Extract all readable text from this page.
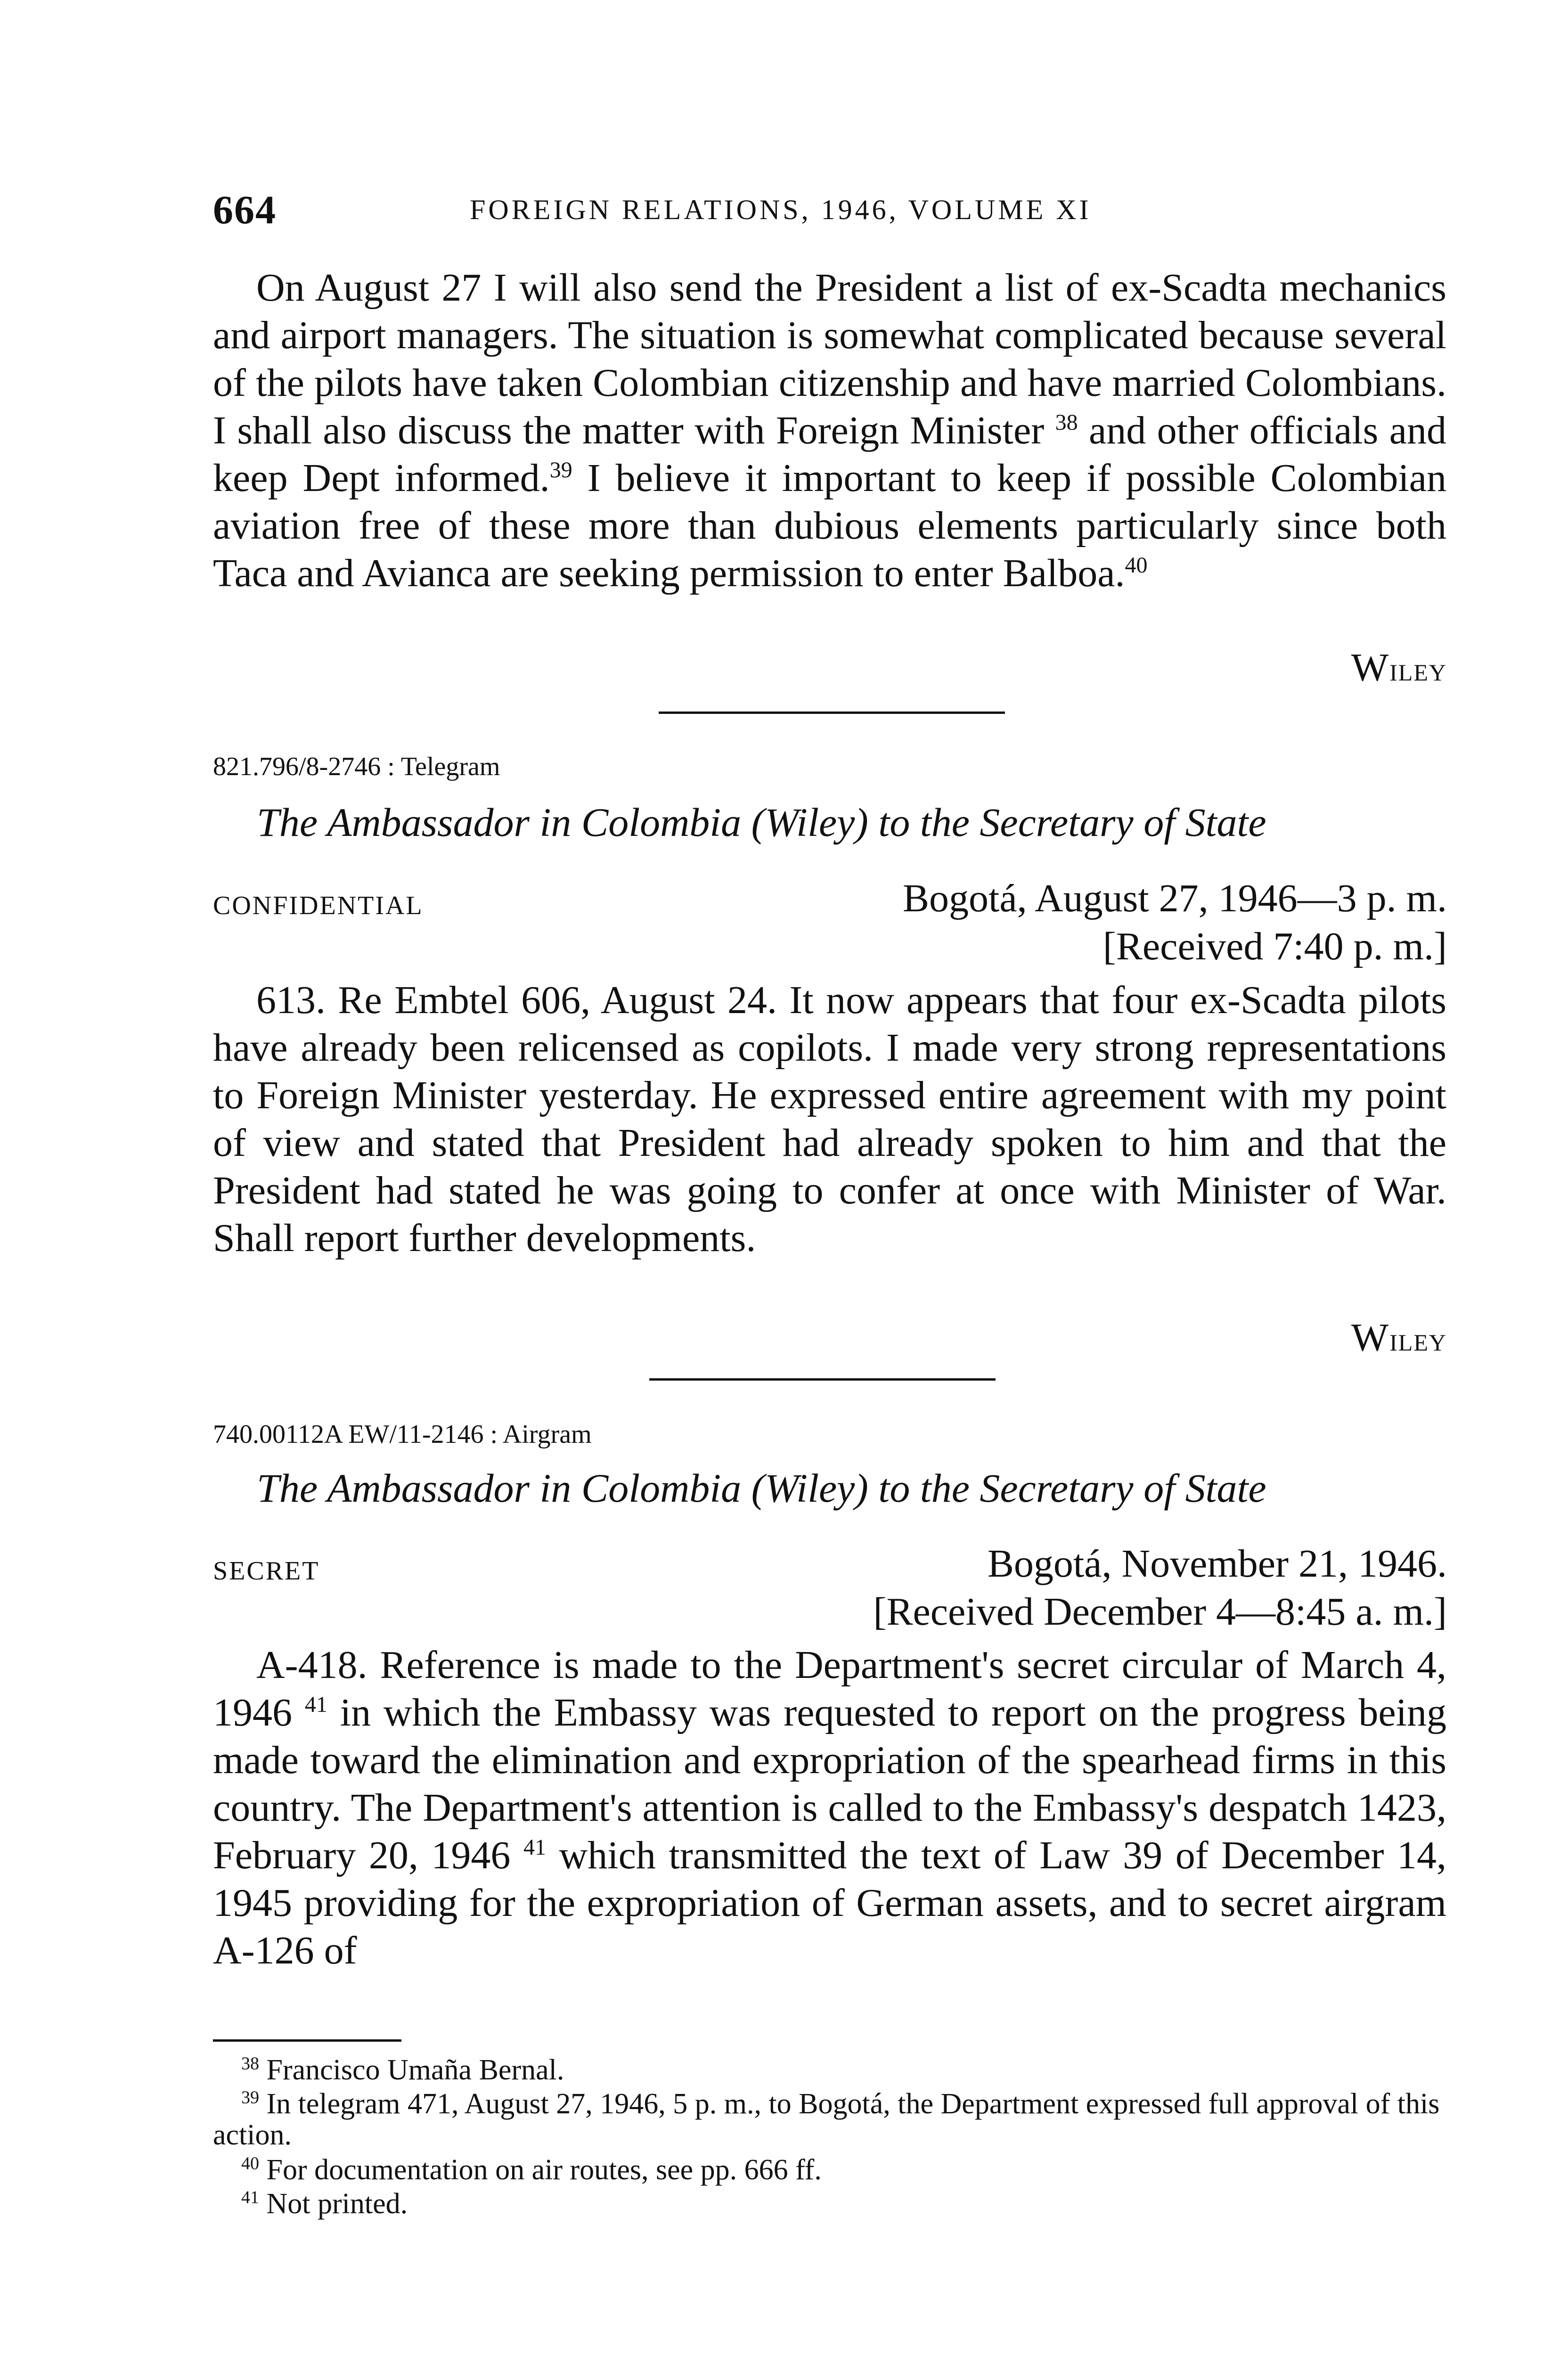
664	FOREIGN RELATIONS, 1946, VOLUME XI

On August 27 I will also send the President a list of ex-Scadta mechanics and airport managers. The situation is somewhat complicated because several of the pilots have taken Colombian citizenship and have married Colombians. I shall also discuss the matter with Foreign Minister $^{38}$ and other officials and keep Dept informed.$^{39}$ I believe it important to keep if possible Colombian aviation free of these more than dubious elements particularly since both Taca and Avianca are seeking permission to enter Balboa.$^{40}$

Wiley
821.796/8-2746 : Telegram
The Ambassador in Colombia (Wiley) to the Secretary of State
CONFIDENTIAL	Bogotá, August 27, 1946—3 p. m.
[Received 7:40 p. m.]

613. Re Embtel 606, August 24. It now appears that four ex-Scadta pilots have already been relicensed as copilots. I made very strong representations to Foreign Minister yesterday. He expressed entire agreement with my point of view and stated that President had already spoken to him and that the President had stated he was going to confer at once with Minister of War. Shall report further developments.

Wiley
740.00112A EW/11-2146 : Airgram
The Ambassador in Colombia (Wiley) to the Secretary of State
SECRET	Bogotá, November 21, 1946.
[Received December 4—8:45 a. m.]

A-418. Reference is made to the Department's secret circular of March 4, 1946 $^{41}$ in which the Embassy was requested to report on the progress being made toward the elimination and expropriation of the spearhead firms in this country. The Department's attention is called to the Embassy's despatch 1423, February 20, 1946 $^{41}$ which transmitted the text of Law 39 of December 14, 1945 providing for the expropriation of German assets, and to secret airgram A-126 of

$^{38}$ Francisco Umaña Bernal.
$^{39}$ In telegram 471, August 27, 1946, 5 p. m., to Bogotá, the Department expressed full approval of this action.
$^{40}$ For documentation on air routes, see pp. 666 ff.
$^{41}$ Not printed.
